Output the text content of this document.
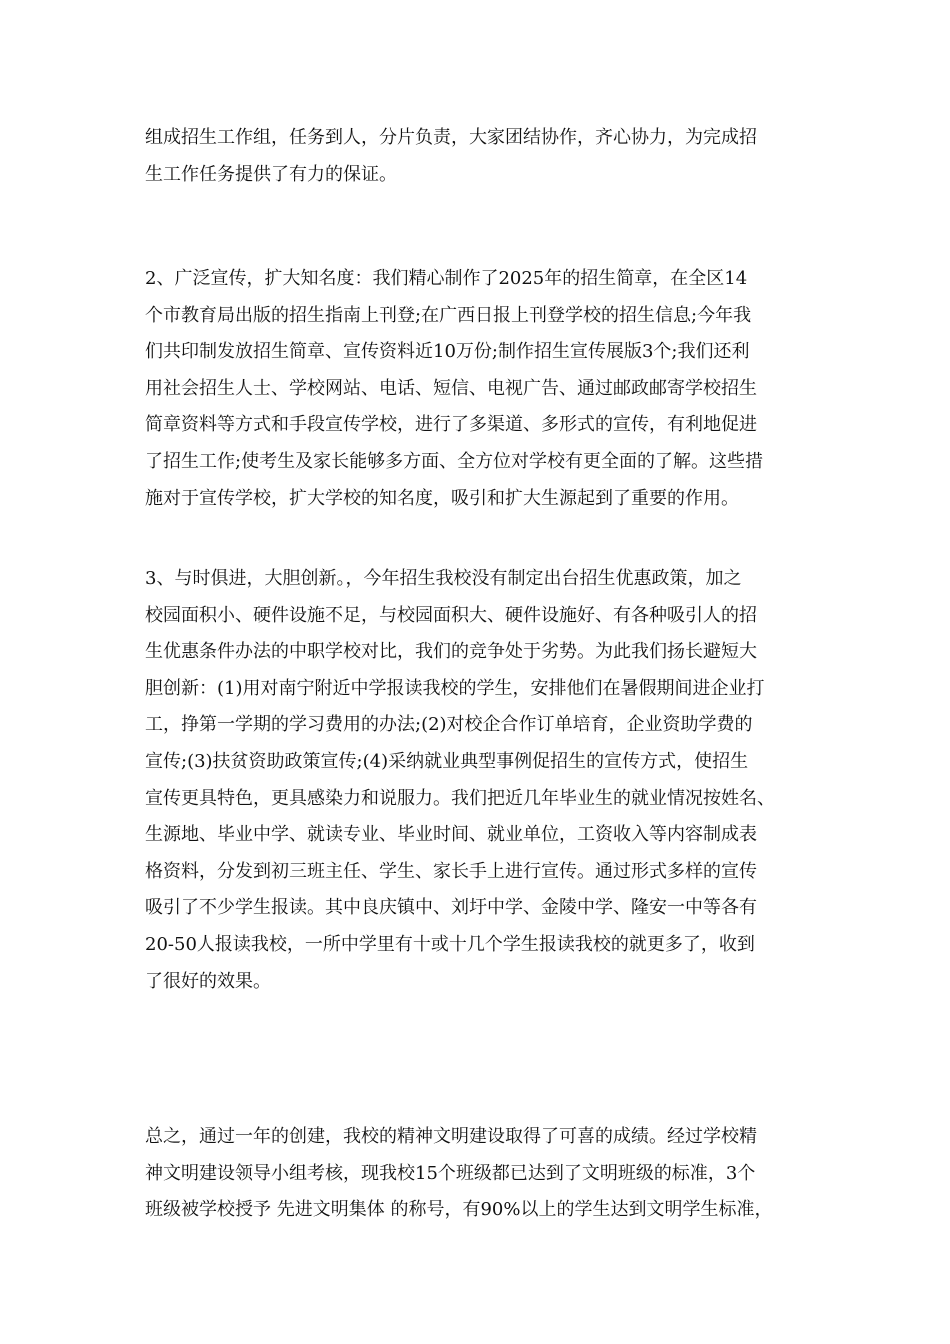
组成招生工作组，任务到人，分片负责，大家团结协作，齐心协力，为完成招
生工作任务提供了有力的保证。
2、广泛宣传，扩大知名度：我们精心制作了2025年的招生简章，在全区14
个市教育局出版的招生指南上刊登;在广西日报上刊登学校的招生信息;今年我
们共印制发放招生简章、宣传资料近10万份;制作招生宣传展版3个;我们还利
用社会招生人士、学校网站、电话、短信、电视广告、通过邮政邮寄学校招生
简章资料等方式和手段宣传学校，进行了多渠道、多形式的宣传，有利地促进
了招生工作;使考生及家长能够多方面、全方位对学校有更全面的了解。这些措
施对于宣传学校，扩大学校的知名度，吸引和扩大生源起到了重要的作用。
3、与时俱进，大胆创新。，今年招生我校没有制定出台招生优惠政策，加之
校园面积小、硬件设施不足，与校园面积大、硬件设施好、有各种吸引人的招
生优惠条件办法的中职学校对比，我们的竞争处于劣势。为此我们扬长避短大
胆创新：(1)用对南宁附近中学报读我校的学生，安排他们在暑假期间进企业打
工，挣第一学期的学习费用的办法;(2)对校企合作订单培育，企业资助学费的
宣传;(3)扶贫资助政策宣传;(4)采纳就业典型事例促招生的宣传方式，使招生
宣传更具特色，更具感染力和说服力。我们把近几年毕业生的就业情况按姓名、
生源地、毕业中学、就读专业、毕业时间、就业单位，工资收入等内容制成表
格资料，分发到初三班主任、学生、家长手上进行宣传。通过形式多样的宣传
吸引了不少学生报读。其中良庆镇中、刘圩中学、金陵中学、隆安一中等各有
20-50人报读我校，一所中学里有十或十几个学生报读我校的就更多了，收到
了很好的效果。
总之，通过一年的创建，我校的精神文明建设取得了可喜的成绩。经过学校精
神文明建设领导小组考核，现我校15个班级都已达到了文明班级的标准，3个
班级被学校授予 先进文明集体 的称号，有90%以上的学生达到文明学生标准，
